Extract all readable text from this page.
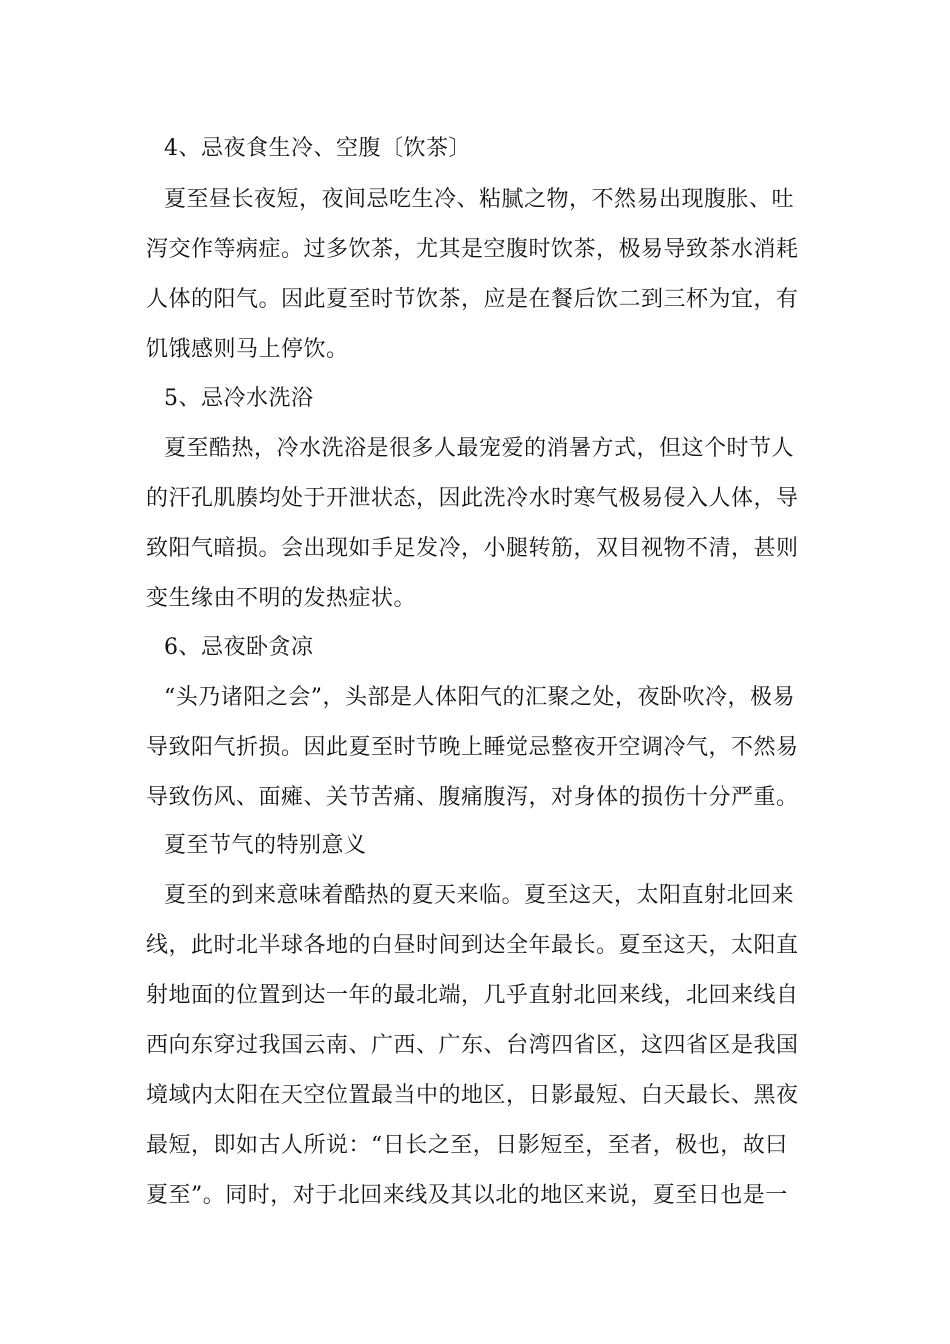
4、忌夜食生冷、空腹〔饮茶〕
夏至昼长夜短，夜间忌吃生冷、粘腻之物，不然易出现腹胀、吐
泻交作等病症。过多饮茶，尤其是空腹时饮茶，极易导致茶水消耗
人体的阳气。因此夏至时节饮茶，应是在餐后饮二到三杯为宜，有
饥饿感则马上停饮。
5、忌冷水洗浴
夏至酷热，冷水洗浴是很多人最宠爱的消暑方式，但这个时节人
的汗孔肌腠均处于开泄状态，因此洗冷水时寒气极易侵入人体，导
致阳气暗损。会出现如手足发冷，小腿转筋，双目视物不清，甚则
变生缘由不明的发热症状。
6、忌夜卧贪凉
“头乃诸阳之会”，头部是人体阳气的汇聚之处，夜卧吹冷，极易
导致阳气折损。因此夏至时节晚上睡觉忌整夜开空调冷气，不然易
导致伤风、面瘫、关节苦痛、腹痛腹泻，对身体的损伤十分严重。
夏至节气的特别意义
夏至的到来意味着酷热的夏天来临。夏至这天，太阳直射北回来
线，此时北半球各地的白昼时间到达全年最长。夏至这天，太阳直
射地面的位置到达一年的最北端，几乎直射北回来线，北回来线自
西向东穿过我国云南、广西、广东、台湾四省区，这四省区是我国
境域内太阳在天空位置最当中的地区，日影最短、白天最长、黑夜
最短，即如古人所说：“日长之至，日影短至，至者，极也，故曰
夏至”。同时，对于北回来线及其以北的地区来说，夏至日也是一
